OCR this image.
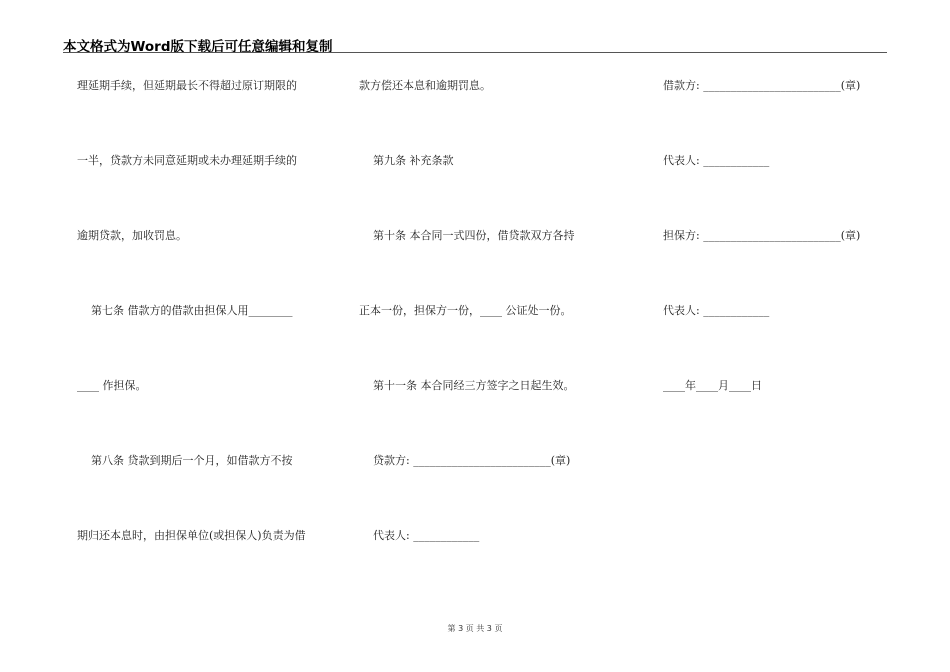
本文格式为Word版下载后可任意编辑和复制
理延期手续，但延期最长不得超过原订期限的
一半，贷款方未同意延期或未办理延期手续的
逾期贷款，加收罚息。
第七条 借款方的借款由担保人用________
____ 作担保。
第八条 贷款到期后一个月，如借款方不按
期归还本息时，由担保单位(或担保人)负责为借
款方偿还本息和逾期罚息。
第九条 补充条款
第十条 本合同一式四份，借贷款双方各持
正本一份，担保方一份，____ 公证处一份。
第十一条 本合同经三方签字之日起生效。
贷款方: _________________________(章)
代表人: ____________
借款方: _________________________(章)
代表人: ____________
担保方: _________________________(章)
代表人: ____________
____年____月____日
第 3 页 共 3 页
